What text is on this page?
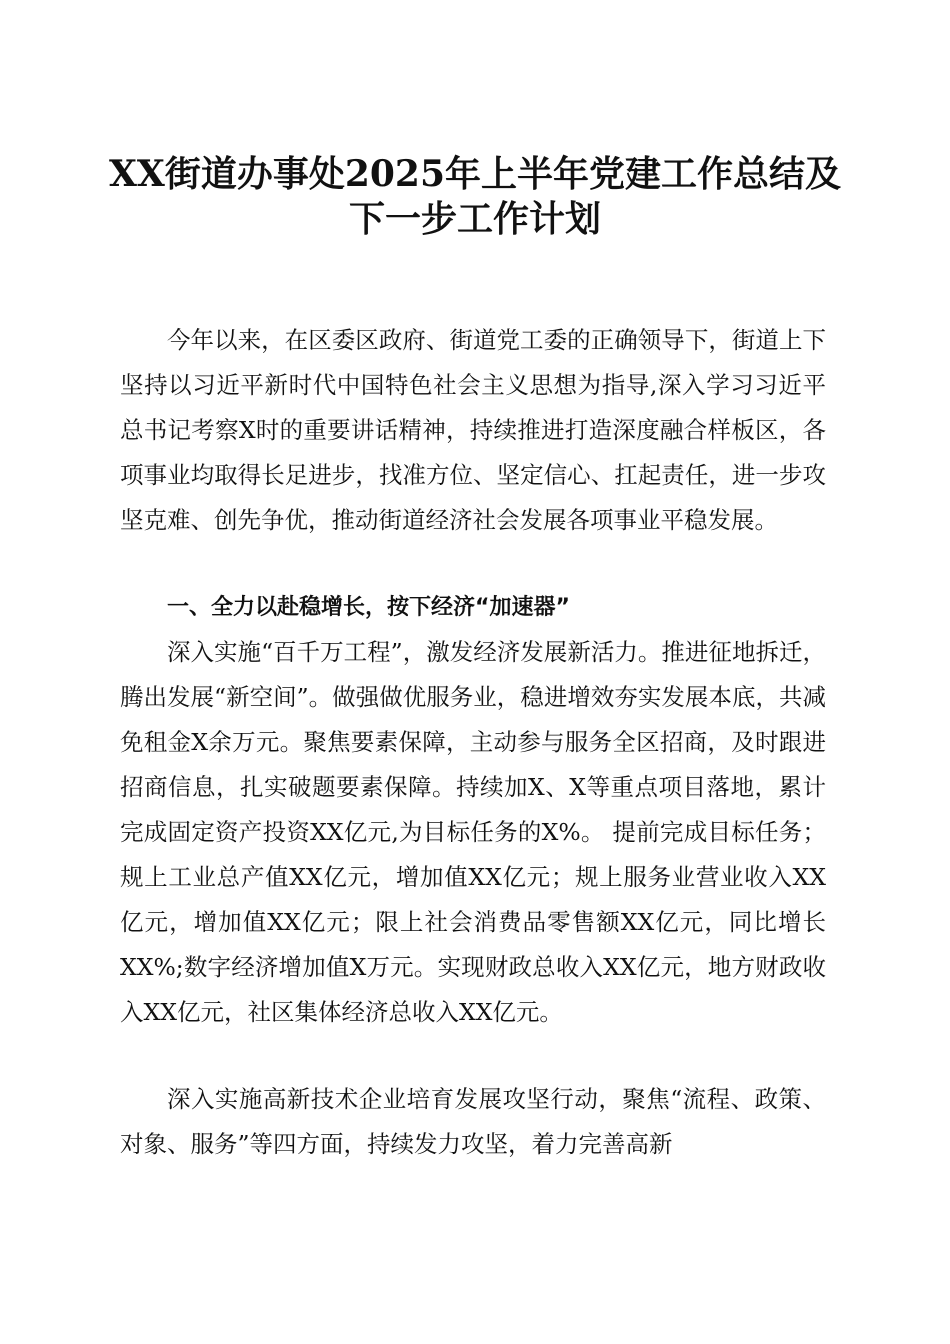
XX街道办事处2025年上半年党建工作总结及
下一步工作计划

今年以来，在区委区政府、街道党工委的正确领导下，街道上下坚持以习近平新时代中国特色社会主义思想为指导,深入学习习近平总书记考察X时的重要讲话精神，持续推进打造深度融合样板区，各项事业均取得长足进步，找准方位、坚定信心、扛起责任，进一步攻坚克难、创先争优，推动街道经济社会发展各项事业平稳发展。

一、全力以赴稳增长，按下经济“加速器”

深入实施“百千万工程”，激发经济发展新活力。推进征地拆迁，腾出发展“新空间”。做强做优服务业，稳进增效夯实发展本底，共减免租金X余万元。聚焦要素保障，主动参与服务全区招商，及时跟进招商信息，扎实破题要素保障。持续加X、X等重点项目落地，累计完成固定资产投资XX亿元,为目标任务的X%。 提前完成目标任务；规上工业总产值XX亿元，增加值XX亿元；规上服务业营业收入XX亿元，增加值XX亿元；限上社会消费品零售额XX亿元，同比增长XX%;数字经济增加值X万元。实现财政总收入XX亿元，地方财政收入XX亿元，社区集体经济总收入XX亿元。

深入实施高新技术企业培育发展攻坚行动，聚焦“流程、政策、对象、服务”等四方面，持续发力攻坚，着力完善高新
